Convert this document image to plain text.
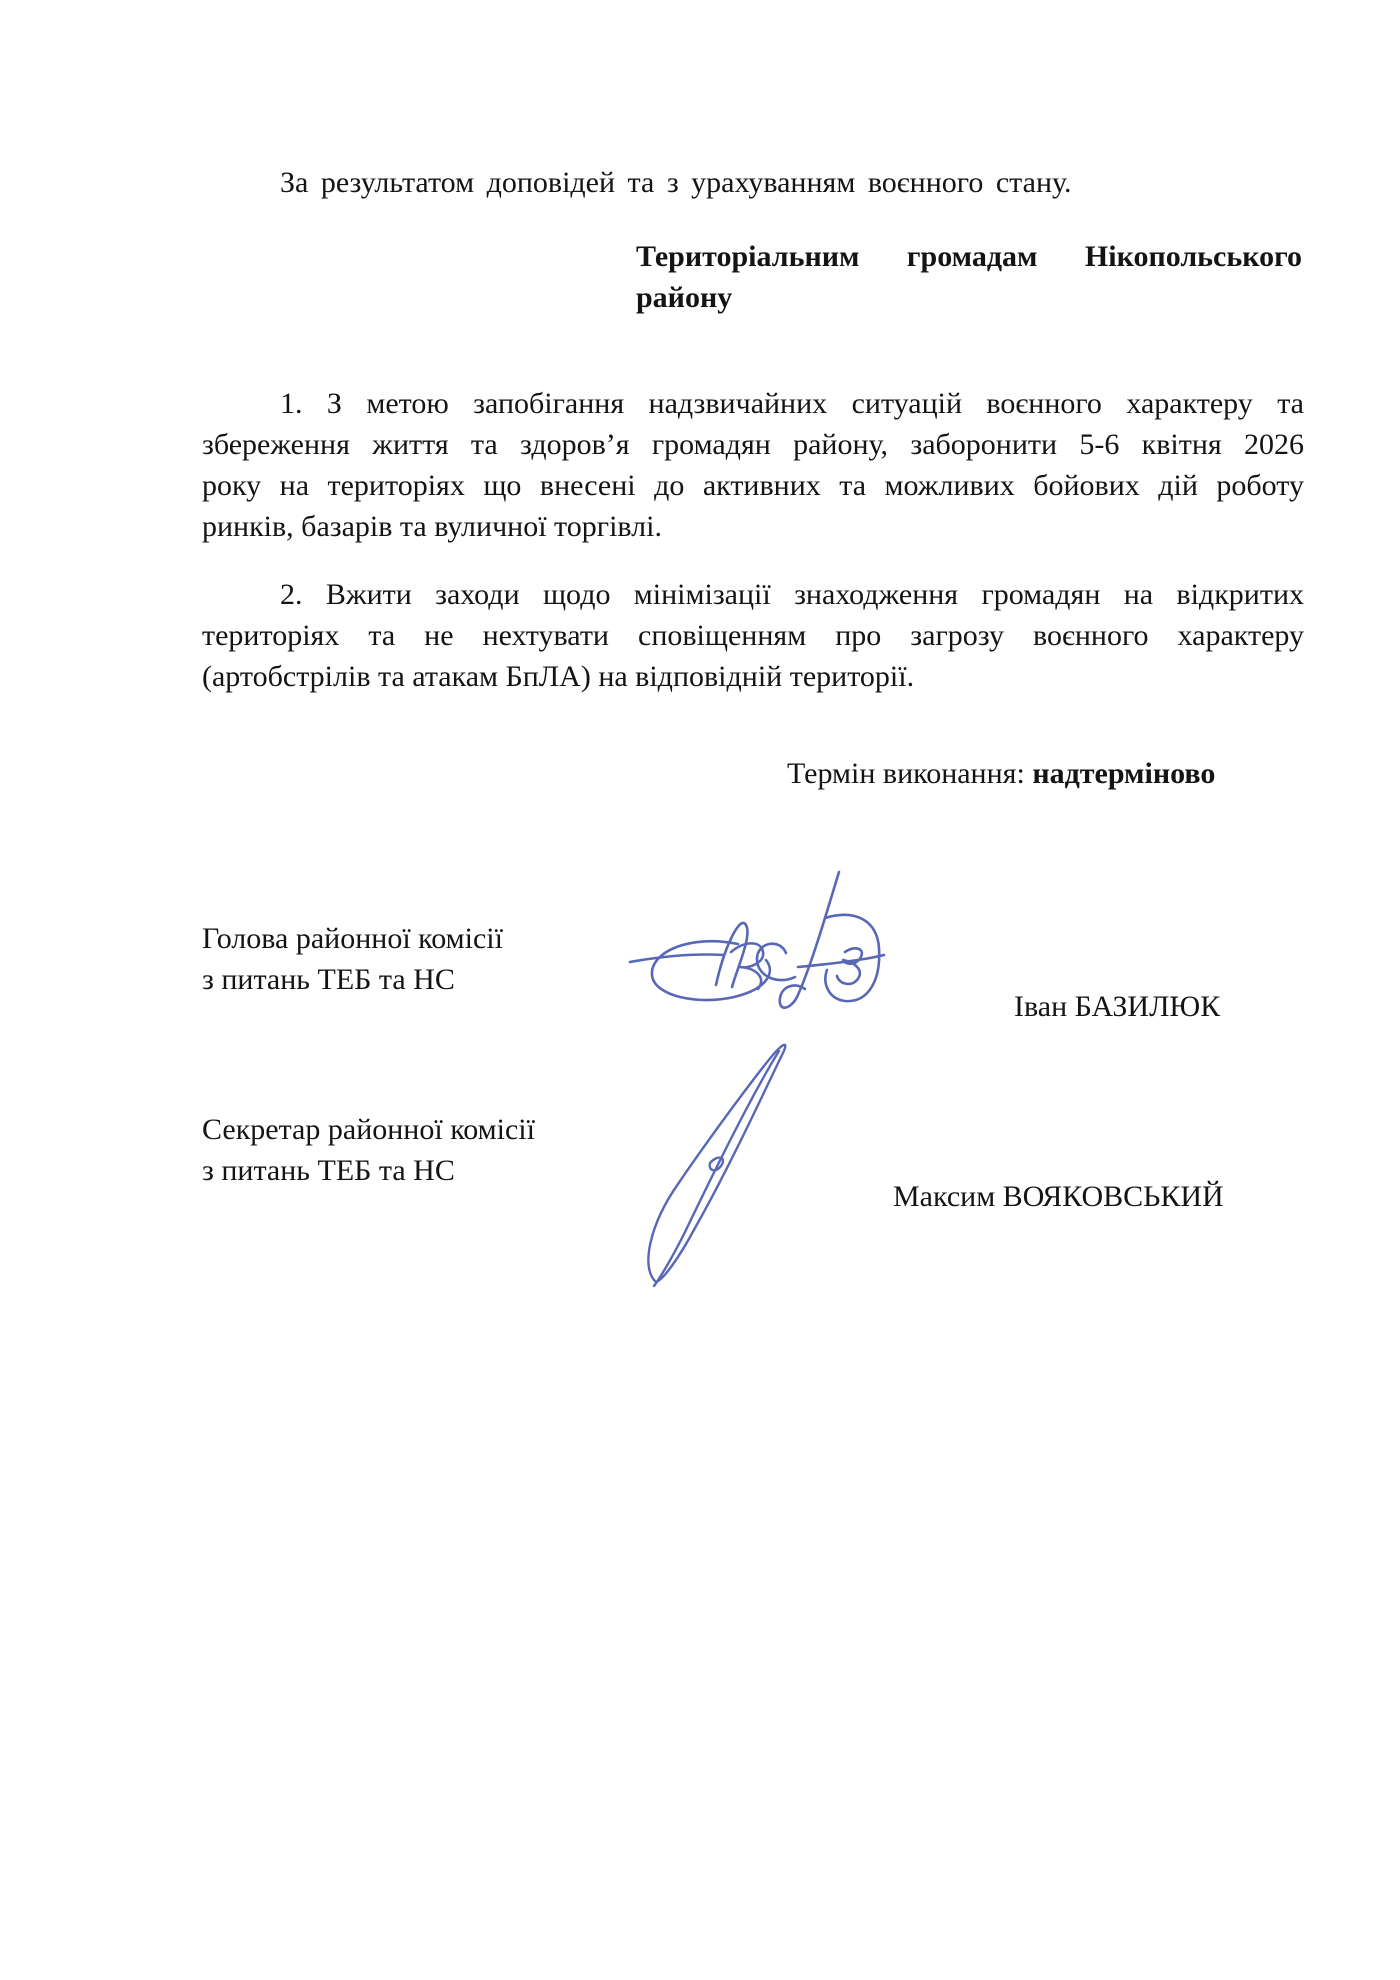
За результатом доповідей та з урахуванням воєнного стану.

Територіальним громадам Нікопольського
району
1. З метою запобігання надзвичайних ситуацій воєнного характеру та
збереження життя та здоров’я громадян району, заборонити 5-6 квітня 2026
року на територіях що внесені до активних та можливих бойових дій роботу
ринків, базарів та вуличної торгівлі.
2. Вжити заходи щодо мінімізації знаходження громадян на відкритих
територіях та не нехтувати сповіщенням про загрозу воєнного характеру
(артобстрілів та атакам БпЛА) на відповідній території.

Термін виконання: надтерміново

Голова районної комісії
з питань ТЕБ та НС

Іван БАЗИЛЮК

Секретар районної комісії
з питань ТЕБ та НС

Максим ВОЯКОВСЬКИЙ
